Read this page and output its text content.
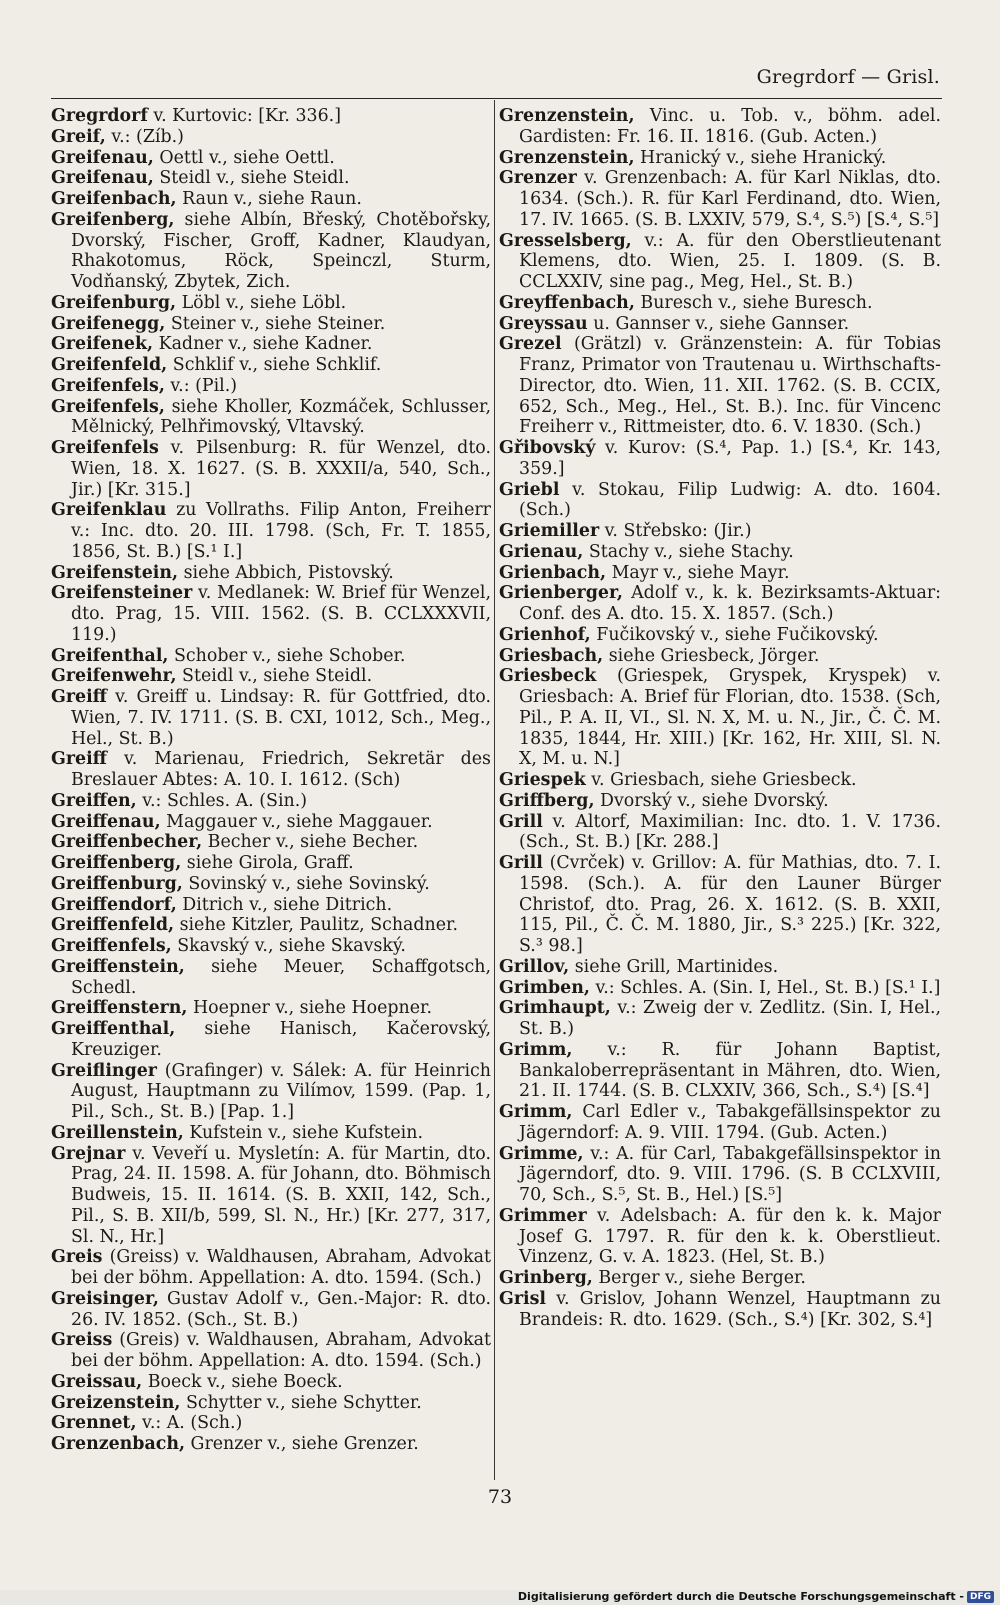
Gregrdorf — Grisl.

Gregrdorf v. Kurtovic: [Kr. 336.]

Greif, v.: (Zíb.)

Greifenau, Oettl v., siehe Oettl.

Greifenau, Steidl v., siehe Steidl.

Greifenbach, Raun v., siehe Raun.

Greifenberg, siehe Albín, Břeský, Chotěbořsky, Dvorský, Fischer, Groff, Kadner, Klaudyan, Rhakotomus, Röck, Speinczl, Sturm, Vodňanský, Zbytek, Zich.

Greifenburg, Löbl v., siehe Löbl.

Greifenegg, Steiner v., siehe Steiner.

Greifenek, Kadner v., siehe Kadner.

Greifenfeld, Schklif v., siehe Schklif.

Greifenfels, v.: (Pil.)

Greifenfels, siehe Kholler, Kozmáček, Schlusser, Mělnický, Pelhřimovský, Vltavský.

Greifenfels v. Pilsenburg: R. für Wenzel, dto. Wien, 18. X. 1627. (S. B. XXXII/a, 540, Sch., Jir.) [Kr. 315.]

Greifenklau zu Vollraths. Filip Anton, Freiherr v.: Inc. dto. 20. III. 1798. (Sch, Fr. T. 1855, 1856, St. B.) [S.¹ I.]

Greifenstein, siehe Abbich, Pistovský.

Greifensteiner v. Medlanek: W. Brief für Wenzel, dto. Prag, 15. VIII. 1562. (S. B. CCLXXXVII, 119.)

Greifenthal, Schober v., siehe Schober.

Greifenwehr, Steidl v., siehe Steidl.

Greiff v. Greiff u. Lindsay: R. für Gottfried, dto. Wien, 7. IV. 1711. (S. B. CXI, 1012, Sch., Meg., Hel., St. B.)

Greiff v. Marienau, Friedrich, Sekretär des Breslauer Abtes: A. 10. I. 1612. (Sch)

Greiffen, v.: Schles. A. (Sin.)

Greiffenau, Maggauer v., siehe Maggauer.

Greiffenbecher, Becher v., siehe Becher.

Greiffenberg, siehe Girola, Graff.

Greiffenburg, Sovinský v., siehe Sovinský.

Greiffendorf, Ditrich v., siehe Ditrich.

Greiffenfeld, siehe Kitzler, Paulitz, Schadner.

Greiffenfels, Skavský v., siehe Skavský.

Greiffenstein, siehe Meuer, Schaffgotsch, Schedl.

Greiffenstern, Hoepner v., siehe Hoepner.

Greiffenthal, siehe Hanisch, Kačerovský, Kreuziger.

Greiflinger (Grafinger) v. Sálek: A. für Heinrich August, Hauptmann zu Vilímov, 1599. (Pap. 1, Pil., Sch., St. B.) [Pap. 1.]

Greillenstein, Kufstein v., siehe Kufstein.

Grejnar v. Veveří u. Mysletín: A. für Martin, dto. Prag, 24. II. 1598. A. für Johann, dto. Böhmisch Budweis, 15. II. 1614. (S. B. XXII, 142, Sch., Pil., S. B. XII/b, 599, Sl. N., Hr.) [Kr. 277, 317, Sl. N., Hr.]

Greis (Greiss) v. Waldhausen, Abraham, Advokat bei der böhm. Appellation: A. dto. 1594. (Sch.)

Greisinger, Gustav Adolf v., Gen.-Major: R. dto. 26. IV. 1852. (Sch., St. B.)

Greiss (Greis) v. Waldhausen, Abraham, Advokat bei der böhm. Appellation: A. dto. 1594. (Sch.)

Greissau, Boeck v., siehe Boeck.

Greizenstein, Schytter v., siehe Schytter.

Grennet, v.: A. (Sch.)

Grenzenbach, Grenzer v., siehe Grenzer.

Grenzenstein, Vinc. u. Tob. v., böhm. adel. Gardisten: Fr. 16. II. 1816. (Gub. Acten.)

Grenzenstein, Hranický v., siehe Hranický.

Grenzer v. Grenzenbach: A. für Karl Niklas, dto. 1634. (Sch.). R. für Karl Ferdinand, dto. Wien, 17. IV. 1665. (S. B. LXXIV, 579, S.⁴, S.⁵) [S.⁴, S.⁵]

Gresselsberg, v.: A. für den Oberstlieutenant Klemens, dto. Wien, 25. I. 1809. (S. B. CCLXXIV, sine pag., Meg, Hel., St. B.)

Greyffenbach, Buresch v., siehe Buresch.

Greyssau u. Gannser v., siehe Gannser.

Grezel (Grätzl) v. Gränzenstein: A. für Tobias Franz, Primator von Trautenau u. Wirthschafts-Director, dto. Wien, 11. XII. 1762. (S. B. CCIX, 652, Sch., Meg., Hel., St. B.). Inc. für Vincenc Freiherr v., Rittmeister, dto. 6. V. 1830. (Sch.)

Gřibovský v. Kurov: (S.⁴, Pap. 1.) [S.⁴, Kr. 143, 359.]

Griebl v. Stokau, Filip Ludwig: A. dto. 1604. (Sch.)

Griemiller v. Střebsko: (Jir.)

Grienau, Stachy v., siehe Stachy.

Grienbach, Mayr v., siehe Mayr.

Grienberger, Adolf v., k. k. Bezirksamts-Aktuar: Conf. des A. dto. 15. X. 1857. (Sch.)

Grienhof, Fučikovský v., siehe Fučikovský.

Griesbach, siehe Griesbeck, Jörger.

Griesbeck (Griespek, Gryspek, Kryspek) v. Griesbach: A. Brief für Florian, dto. 1538. (Sch, Pil., P. A. II, VI., Sl. N. X, M. u. N., Jir., Č. Č. M. 1835, 1844, Hr. XIII.) [Kr. 162, Hr. XIII, Sl. N. X, M. u. N.]

Griespek v. Griesbach, siehe Griesbeck.

Griffberg, Dvorský v., siehe Dvorský.

Grill v. Altorf, Maximilian: Inc. dto. 1. V. 1736. (Sch., St. B.) [Kr. 288.]

Grill (Cvrček) v. Grillov: A. für Mathias, dto. 7. I. 1598. (Sch.). A. für den Launer Bürger Christof, dto. Prag, 26. X. 1612. (S. B. XXII, 115, Pil., Č. Č. M. 1880, Jir., S.³ 225.) [Kr. 322, S.³ 98.]

Grillov, siehe Grill, Martinides.

Grimben, v.: Schles. A. (Sin. I, Hel., St. B.) [S.¹ I.]

Grimhaupt, v.: Zweig der v. Zedlitz. (Sin. I, Hel., St. B.)

Grimm, v.: R. für Johann Baptist, Bankaloberrepräsentant in Mähren, dto. Wien, 21. II. 1744. (S. B. CLXXIV, 366, Sch., S.⁴) [S.⁴]

Grimm, Carl Edler v., Tabakgefällsinspektor zu Jägerndorf: A. 9. VIII. 1794. (Gub. Acten.)

Grimme, v.: A. für Carl, Tabakgefällsinspektor in Jägerndorf, dto. 9. VIII. 1796. (S. B CCLXVIII, 70, Sch., S.⁵, St. B., Hel.) [S.⁵]

Grimmer v. Adelsbach: A. für den k. k. Major Josef G. 1797. R. für den k. k. Oberstlieut. Vinzenz, G. v. A. 1823. (Hel, St. B.)

Grinberg, Berger v., siehe Berger.

Grisl v. Grislov, Johann Wenzel, Hauptmann zu Brandeis: R. dto. 1629. (Sch., S.⁴) [Kr. 302, S.⁴]

73
Digitalisierung gefördert durch die Deutsche Forschungsgemeinschaft - DFG
